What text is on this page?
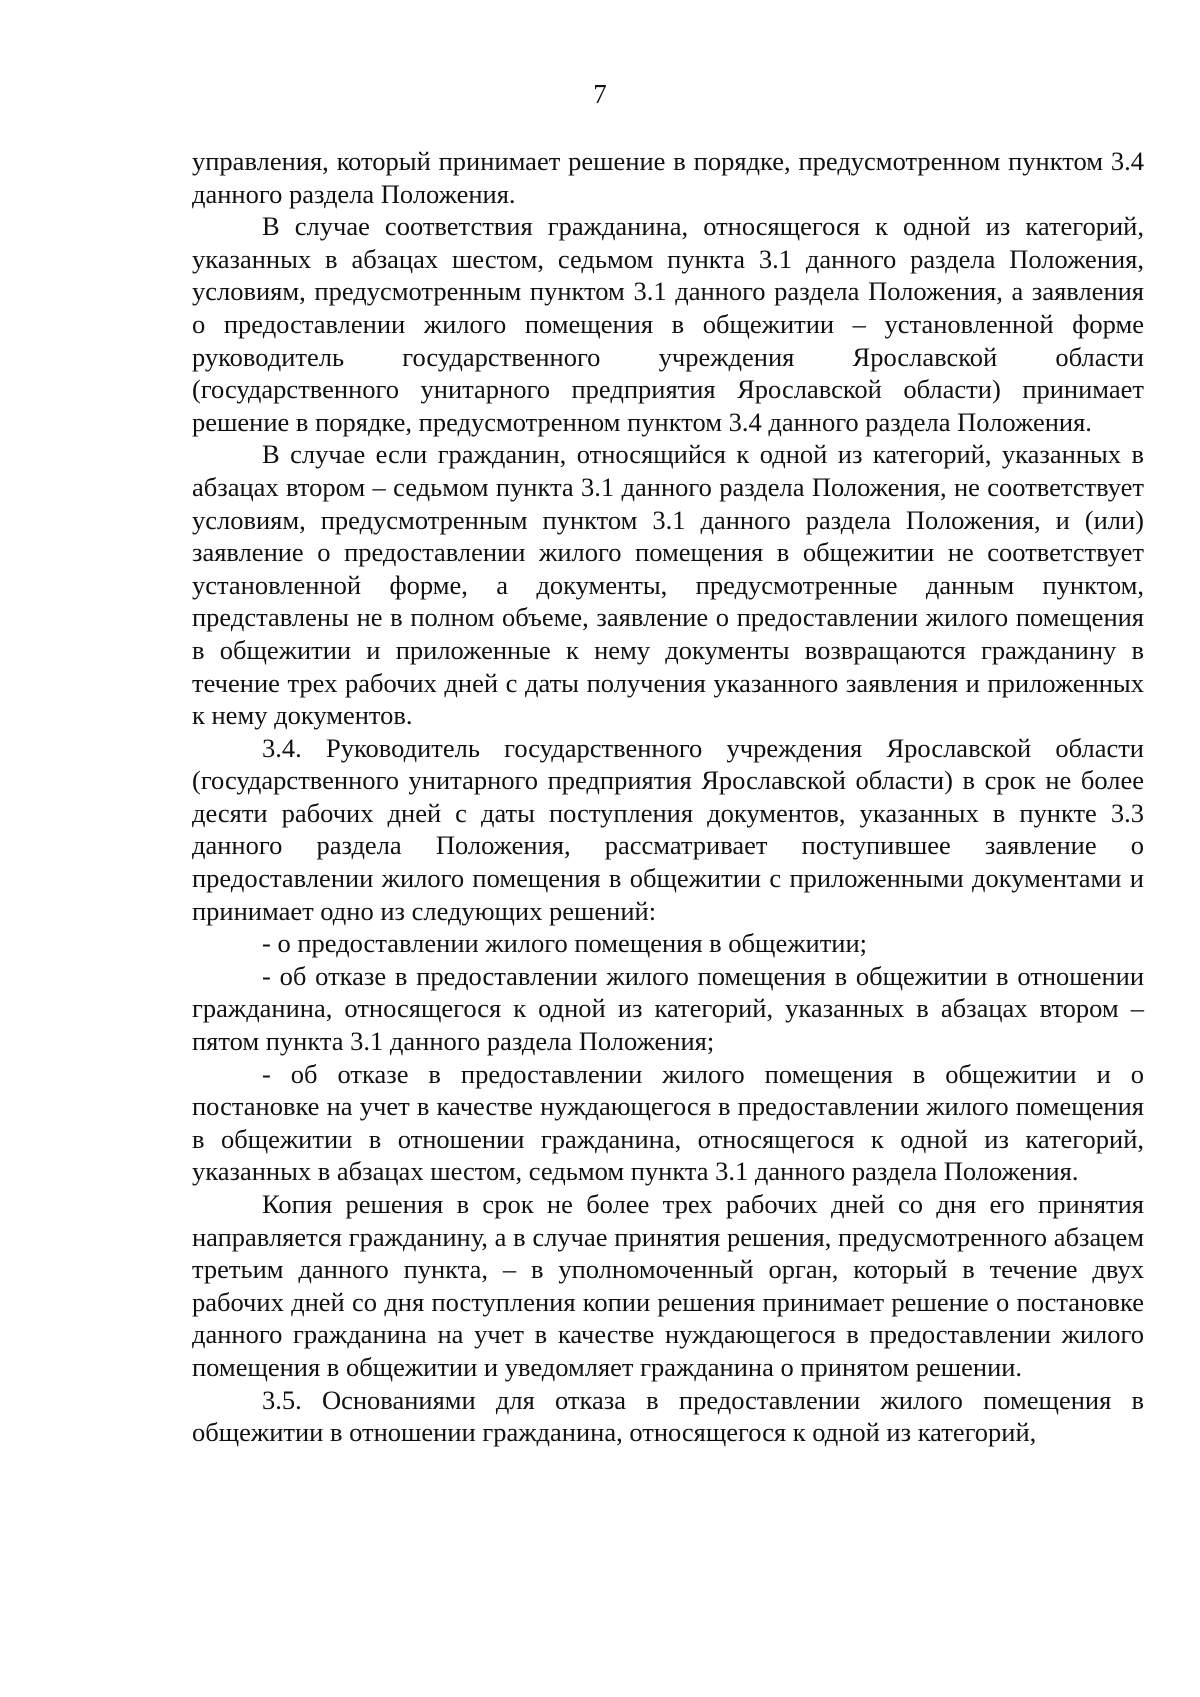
7

управления, который принимает решение в порядке, предусмотренном пунктом 3.4 данного раздела Положения.

В случае соответствия гражданина, относящегося к одной из категорий, указанных в абзацах шестом, седьмом пункта 3.1 данного раздела Положения, условиям, предусмотренным пунктом 3.1 данного раздела Положения, а заявления о предоставлении жилого помещения в общежитии – установленной форме руководитель государственного учреждения Ярославской области (государственного унитарного предприятия Ярославской области) принимает решение в порядке, предусмотренном пунктом 3.4 данного раздела Положения.

В случае если гражданин, относящийся к одной из категорий, указанных в абзацах втором – седьмом пункта 3.1 данного раздела Положения, не соответствует условиям, предусмотренным пунктом 3.1 данного раздела Положения, и (или) заявление о предоставлении жилого помещения в общежитии не соответствует установленной форме, а документы, предусмотренные данным пунктом, представлены не в полном объеме, заявление о предоставлении жилого помещения в общежитии и приложенные к нему документы возвращаются гражданину в течение трех рабочих дней с даты получения указанного заявления и приложенных к нему документов.

3.4. Руководитель государственного учреждения Ярославской области (государственного унитарного предприятия Ярославской области) в срок не более десяти рабочих дней с даты поступления документов, указанных в пункте 3.3 данного раздела Положения, рассматривает поступившее заявление о предоставлении жилого помещения в общежитии с приложенными документами и принимает одно из следующих решений:

- о предоставлении жилого помещения в общежитии;

- об отказе в предоставлении жилого помещения в общежитии в отношении гражданина, относящегося к одной из категорий, указанных в абзацах втором – пятом пункта 3.1 данного раздела Положения;

- об отказе в предоставлении жилого помещения в общежитии и о постановке на учет в качестве нуждающегося в предоставлении жилого помещения в общежитии в отношении гражданина, относящегося к одной из категорий, указанных в абзацах шестом, седьмом пункта 3.1 данного раздела Положения.

Копия решения в срок не более трех рабочих дней со дня его принятия направляется гражданину, а в случае принятия решения, предусмотренного абзацем третьим данного пункта, – в уполномоченный орган, который в течение двух рабочих дней со дня поступления копии решения принимает решение о постановке данного гражданина на учет в качестве нуждающегося в предоставлении жилого помещения в общежитии и уведомляет гражданина о принятом решении.

3.5. Основаниями для отказа в предоставлении жилого помещения в общежитии в отношении гражданина, относящегося к одной из категорий,
